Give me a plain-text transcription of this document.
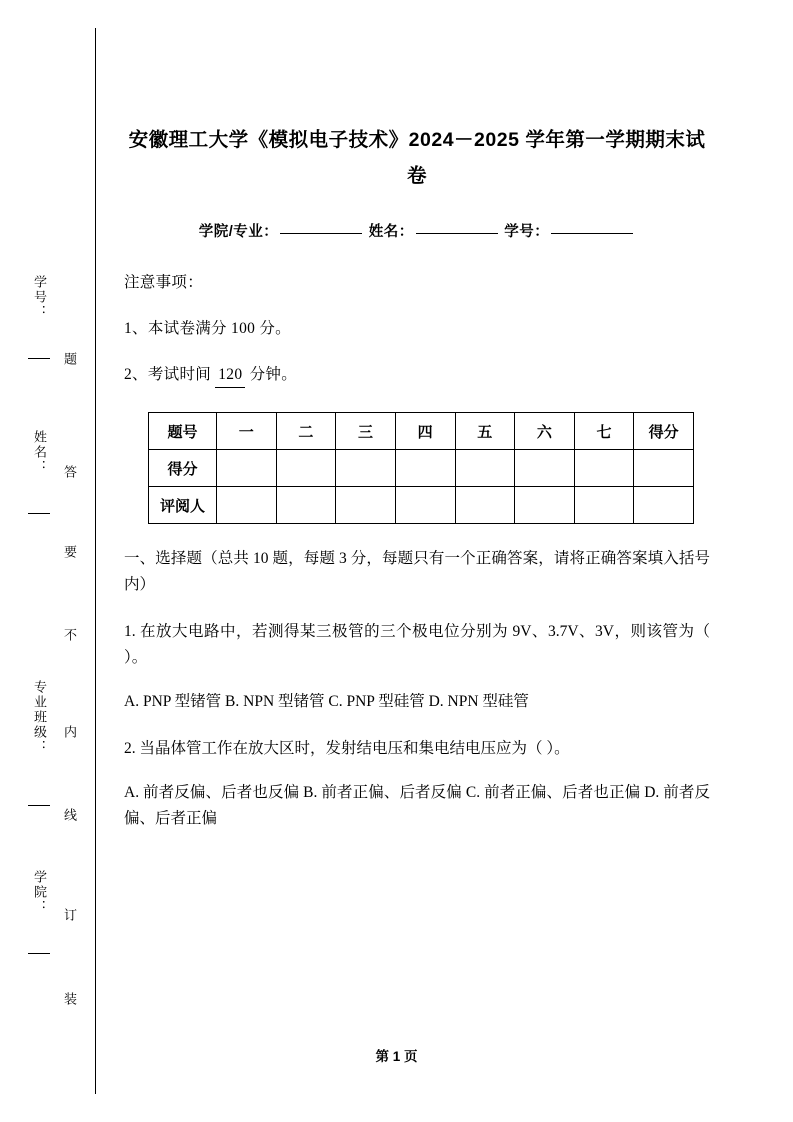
学号：
姓名：
专业班级：
学院：
题
答
要
不
内
线
订
装
安徽理工大学《模拟电子技术》2024－2025 学年第一学期期末试卷
学院/专业：	姓名：	学号：

注意事项：

1、本试卷满分 100 分。

2、考试时间 120 分钟。

题号	一	二	三	四	五	六	七	得分
得分								
评阅人								

一、选择题（总共 10 题，每题 3 分，每题只有一个正确答案，请将正确答案填入括号内）

1. 在放大电路中，若测得某三极管的三个极电位分别为 9V、3.7V、3V，则该管为（ ）。

A. PNP 型锗管 B. NPN 型锗管 C. PNP 型硅管 D. NPN 型硅管

2. 当晶体管工作在放大区时，发射结电压和集电结电压应为（ ）。

A. 前者反偏、后者也反偏 B. 前者正偏、后者反偏 C. 前者正偏、后者也正偏 D. 前者反偏、后者正偏

第 1 页
